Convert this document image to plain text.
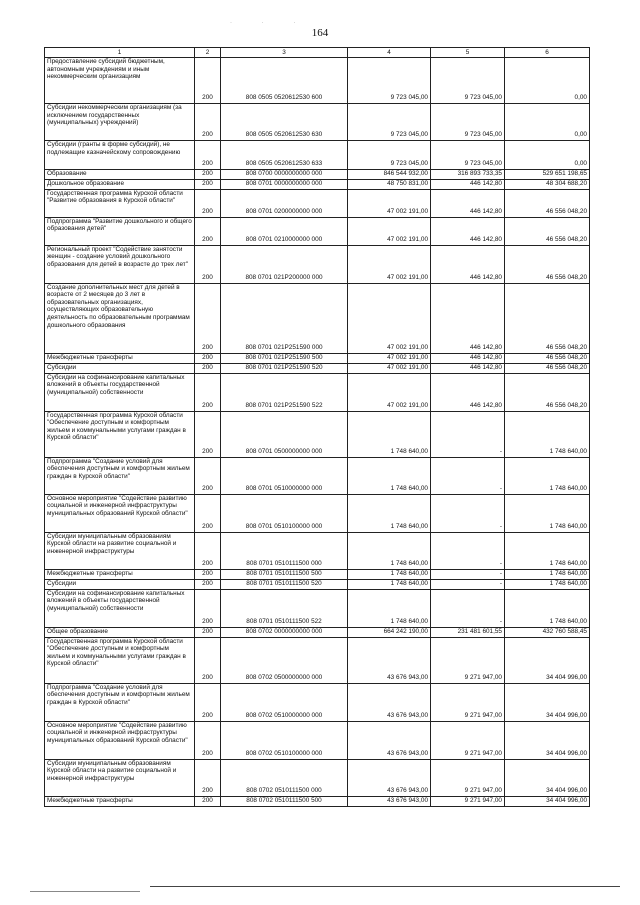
· · ·
164
1	2	3	4	5	6
Предоставление субсидий бюджетным, автономным учреждениям и иным некоммерческим организациям	200	808 0505 0520612530 600	9 723 045,00	9 723 045,00	0,00
Субсидии некоммерческим организациям (за исключением государственных (муниципальных) учреждений)	200	808 0505 0520612530 630	9 723 045,00	9 723 045,00	0,00
Субсидии (гранты в форме субсидий), не подлежащие казначейскому сопровождению	200	808 0505 0520612530 633	9 723 045,00	9 723 045,00	0,00
Образование	200	808 0700 0000000000 000	846 544 932,00	316 893 733,35	529 651 198,65
Дошкольное образование	200	808 0701 0000000000 000	48 750 831,00	446 142,80	48 304 688,20
Государственная программа Курской области "Развитие образования в Курской области"	200	808 0701 0200000000 000	47 002 191,00	446 142,80	46 556 048,20
Подпрограмма "Развитие дошкольного и общего образования детей"	200	808 0701 0210000000 000	47 002 191,00	446 142,80	46 556 048,20
Региональный проект "Содействие занятости женщин - создание условий дошкольного образования для детей в возрасте до трех лет"	200	808 0701 021P200000 000	47 002 191,00	446 142,80	46 556 048,20
Создание дополнительных мест для детей в возрасте от 2 месяцев до 3 лет в образовательных организациях, осуществляющих образовательную деятельность по образовательным программам дошкольного образования	200	808 0701 021P251590 000	47 002 191,00	446 142,80	46 556 048,20
Межбюджетные трансферты	200	808 0701 021P251590 500	47 002 191,00	446 142,80	46 556 048,20
Субсидии	200	808 0701 021P251590 520	47 002 191,00	446 142,80	46 556 048,20
Субсидии на софинансирование капитальных вложений в объекты государственной (муниципальной) собственности	200	808 0701 021P251590 522	47 002 191,00	446 142,80	46 556 048,20
Государственная программа Курской области "Обеспечение доступным и комфортным жильем и коммунальными услугами граждан в Курской области"	200	808 0701 0500000000 000	1 748 640,00	-	1 748 640,00
Подпрограмма "Создание условий для обеспечения доступным и комфортным жильем граждан в Курской области"	200	808 0701 0510000000 000	1 748 640,00	-	1 748 640,00
Основное мероприятие "Содействие развитию социальной и инженерной инфраструктуры муниципальных образований Курской области"	200	808 0701 0510100000 000	1 748 640,00	-	1 748 640,00
Субсидии муниципальным образованиям Курской области на развитие социальной и инженерной инфраструктуры	200	808 0701 0510111500 000	1 748 640,00	-	1 748 640,00
Межбюджетные трансферты	200	808 0701 0510111500 500	1 748 640,00	-	1 748 640,00
Субсидии	200	808 0701 0510111500 520	1 748 640,00	-	1 748 640,00
Субсидии на софинансирование капитальных вложений в объекты государственной (муниципальной) собственности	200	808 0701 0510111500 522	1 748 640,00	-	1 748 640,00
Общее образование	200	808 0702 0000000000 000	664 242 190,00	231 481 601,55	432 760 588,45
Государственная программа Курской области "Обеспечение доступным и комфортным жильем и коммунальными услугами граждан в Курской области"	200	808 0702 0500000000 000	43 676 943,00	9 271 947,00	34 404 996,00
Подпрограмма "Создание условий для обеспечения доступным и комфортным жильем граждан в Курской области"	200	808 0702 0510000000 000	43 676 943,00	9 271 947,00	34 404 996,00
Основное мероприятие "Содействие развитию социальной и инженерной инфраструктуры муниципальных образований Курской области"	200	808 0702 0510100000 000	43 676 943,00	9 271 947,00	34 404 996,00
Субсидии муниципальным образованиям Курской области на развитие социальной и инженерной инфраструктуры	200	808 0702 0510111500 000	43 676 943,00	9 271 947,00	34 404 996,00
Межбюджетные трансферты	200	808 0702 0510111500 500	43 676 943,00	9 271 947,00	34 404 996,00
